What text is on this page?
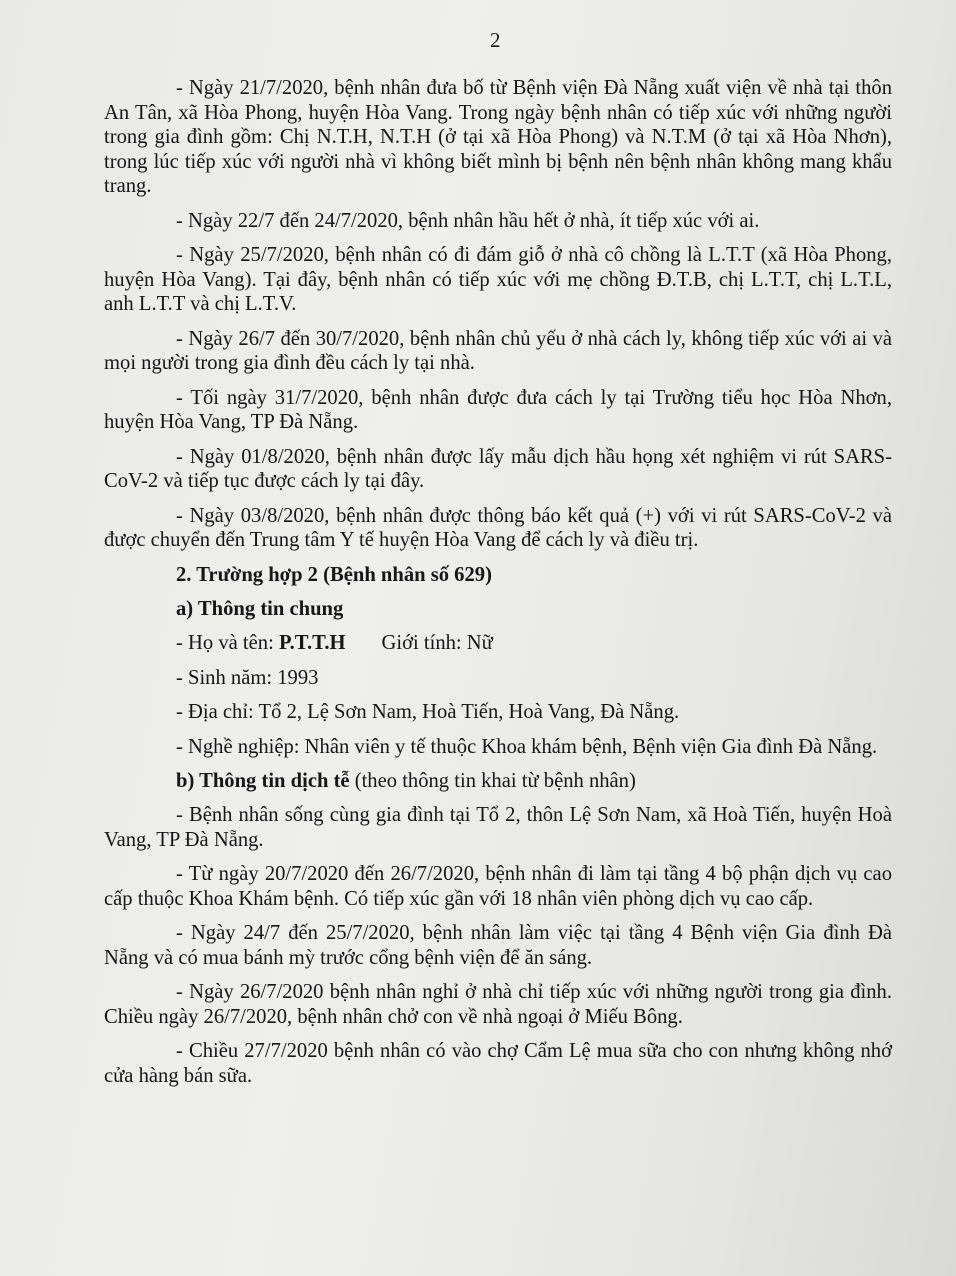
2

- Ngày 21/7/2020, bệnh nhân đưa bố từ Bệnh viện Đà Nẵng xuất viện về nhà tại thôn An Tân, xã Hòa Phong, huyện Hòa Vang. Trong ngày bệnh nhân có tiếp xúc với những người trong gia đình gồm: Chị N.T.H, N.T.H (ở tại xã Hòa Phong) và N.T.M (ở tại xã Hòa Nhơn), trong lúc tiếp xúc với người nhà vì không biết mình bị bệnh nên bệnh nhân không mang khẩu trang.

- Ngày 22/7 đến 24/7/2020, bệnh nhân hầu hết ở nhà, ít tiếp xúc với ai.

- Ngày 25/7/2020, bệnh nhân có đi đám giỗ ở nhà cô chồng là L.T.T (xã Hòa Phong, huyện Hòa Vang). Tại đây, bệnh nhân có tiếp xúc với mẹ chồng Đ.T.B, chị L.T.T, chị L.T.L, anh L.T.T và chị L.T.V.

- Ngày 26/7 đến 30/7/2020, bệnh nhân chủ yếu ở nhà cách ly, không tiếp xúc với ai và mọi người trong gia đình đều cách ly tại nhà.

- Tối ngày 31/7/2020, bệnh nhân được đưa cách ly tại Trường tiểu học Hòa Nhơn, huyện Hòa Vang, TP Đà Nẵng.

- Ngày 01/8/2020, bệnh nhân được lấy mẫu dịch hầu họng xét nghiệm vi rút SARS-CoV-2 và tiếp tục được cách ly tại đây.

- Ngày 03/8/2020, bệnh nhân được thông báo kết quả (+) với vi rút SARS-CoV-2 và được chuyển đến Trung tâm Y tế huyện Hòa Vang để cách ly và điều trị.

2. Trường hợp 2 (Bệnh nhân số 629)

a) Thông tin chung

- Họ và tên: P.T.T.H Giới tính: Nữ

- Sinh năm: 1993

- Địa chỉ: Tổ 2, Lệ Sơn Nam, Hoà Tiến, Hoà Vang, Đà Nẵng.

- Nghề nghiệp: Nhân viên y tế thuộc Khoa khám bệnh, Bệnh viện Gia đình Đà Nẵng.

b) Thông tin dịch tễ (theo thông tin khai từ bệnh nhân)

- Bệnh nhân sống cùng gia đình tại Tổ 2, thôn Lệ Sơn Nam, xã Hoà Tiến, huyện Hoà Vang, TP Đà Nẵng.

- Từ ngày 20/7/2020 đến 26/7/2020, bệnh nhân đi làm tại tầng 4 bộ phận dịch vụ cao cấp thuộc Khoa Khám bệnh. Có tiếp xúc gần với 18 nhân viên phòng dịch vụ cao cấp.

- Ngày 24/7 đến 25/7/2020, bệnh nhân làm việc tại tầng 4 Bệnh viện Gia đình Đà Nẵng và có mua bánh mỳ trước cổng bệnh viện để ăn sáng.

- Ngày 26/7/2020 bệnh nhân nghỉ ở nhà chỉ tiếp xúc với những người trong gia đình. Chiều ngày 26/7/2020, bệnh nhân chở con về nhà ngoại ở Miếu Bông.

- Chiều 27/7/2020 bệnh nhân có vào chợ Cẩm Lệ mua sữa cho con nhưng không nhớ cửa hàng bán sữa.
